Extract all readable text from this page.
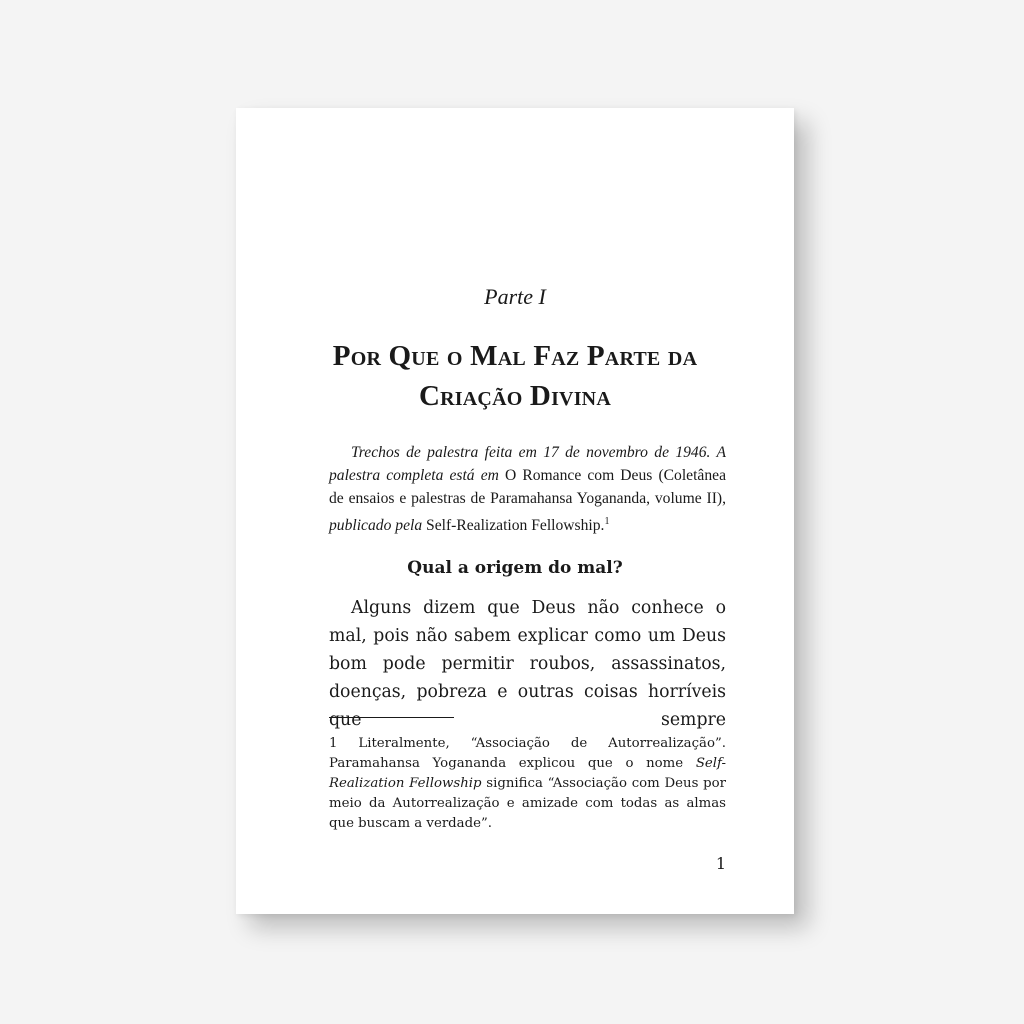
Parte I
Por Que o Mal Faz Parte da
Criação Divina
Trechos de palestra feita em 17 de novembro de 1946. A palestra completa está em O Romance com Deus (Coletânea de ensaios e palestras de Paramahansa Yogananda, volume II), publicado pela Self-Realization Fellowship.$^1$
Qual a origem do mal?
Alguns dizem que Deus não conhece o mal, pois não sabem explicar como um Deus bom pode permitir roubos, assassinatos, doenças, pobreza e outras coisas horríveis que sempre
1 Literalmente, “Associação de Autorrealização”. Paramahansa Yogananda explicou que o nome Self-Realization Fellowship significa “Associação com Deus por meio da Autorrealização e amizade com todas as almas que buscam a verdade”.
1
